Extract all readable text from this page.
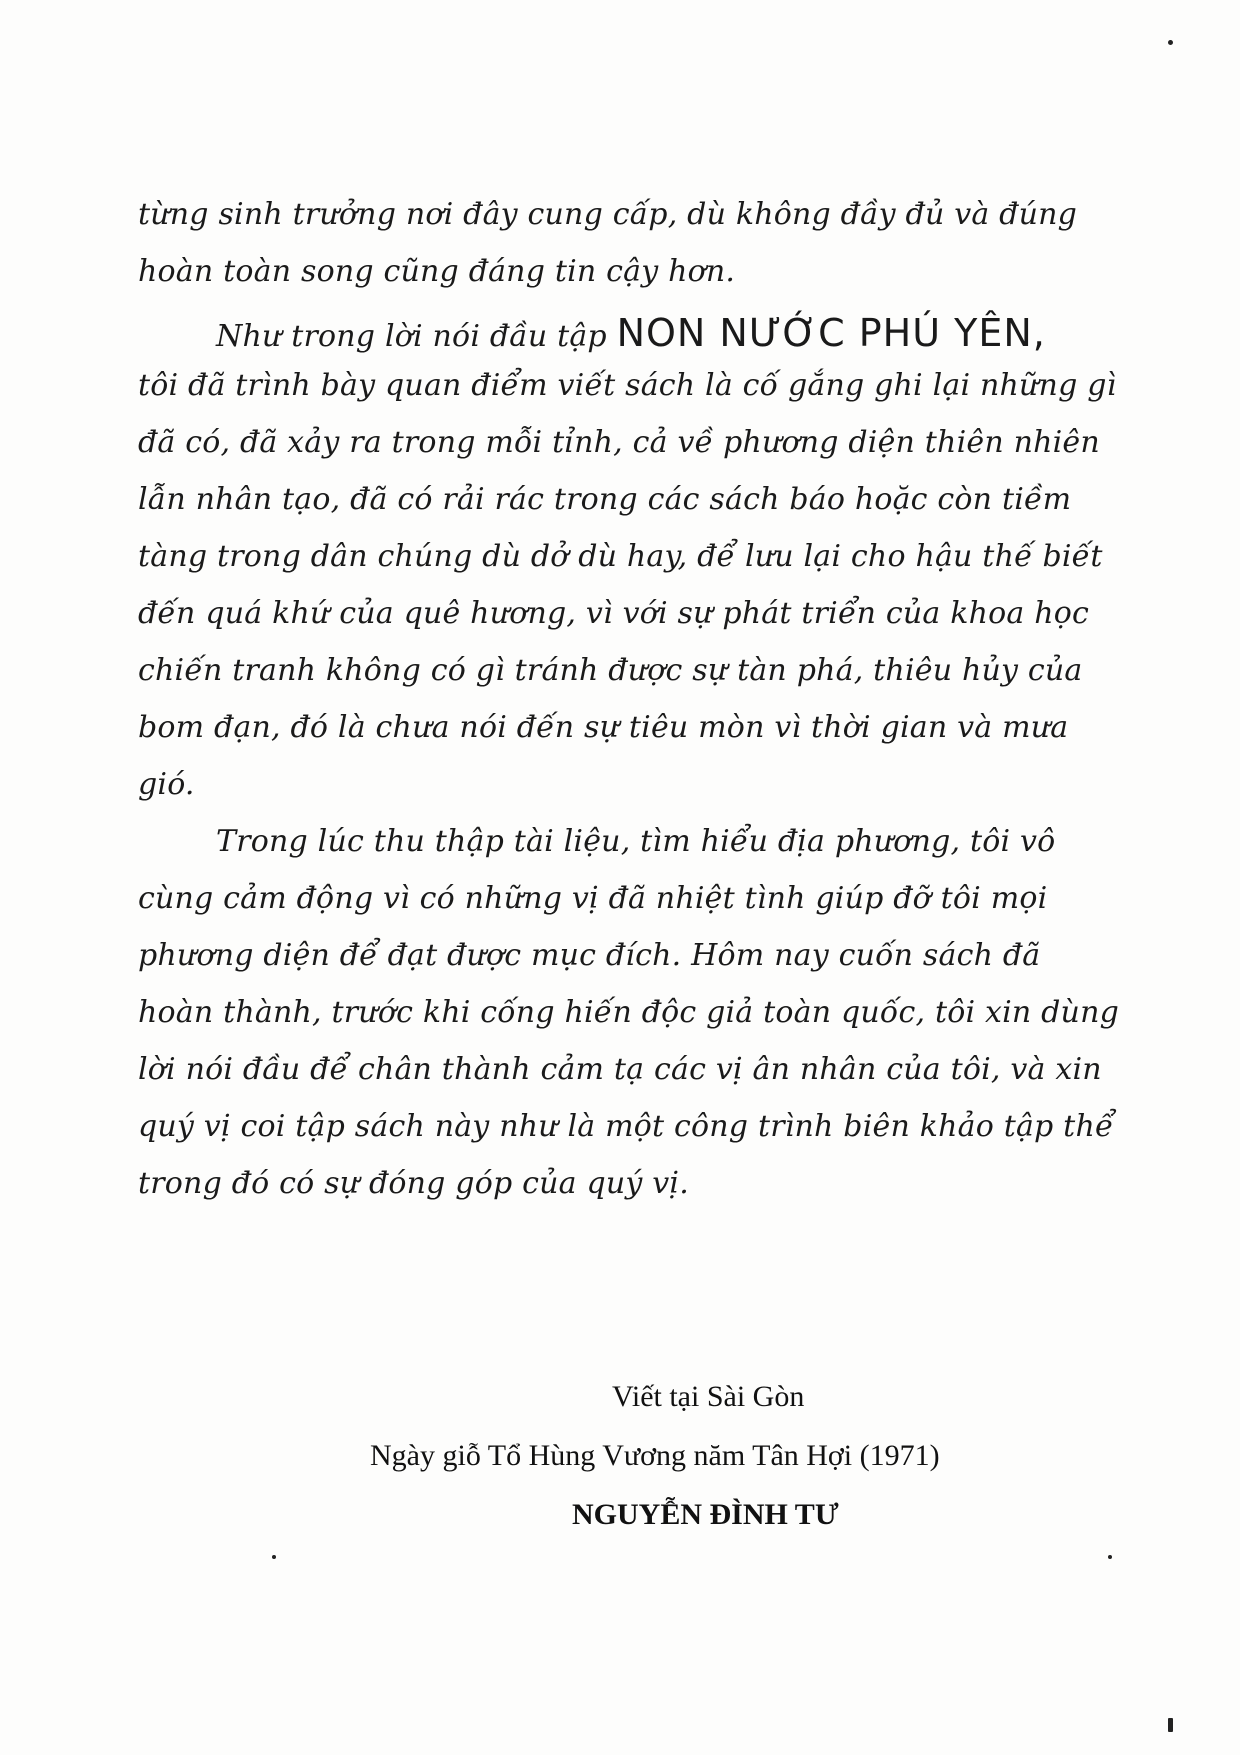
từng sinh trưởng nơi đây cung cấp, dù không đầy đủ và đúng
hoàn toàn song cũng đáng tin cậy hơn.
Như trong lời nói đầu tập NON NƯỚC PHÚ YÊN,
tôi đã trình bày quan điểm viết sách là cố gắng ghi lại những gì
đã có, đã xảy ra trong mỗi tỉnh, cả về phương diện thiên nhiên
lẫn nhân tạo, đã có rải rác trong các sách báo hoặc còn tiềm
tàng trong dân chúng dù dở dù hay, để lưu lại cho hậu thế biết
đến quá khứ của quê hương, vì với sự phát triển của khoa học
chiến tranh không có gì tránh được sự tàn phá, thiêu hủy của
bom đạn, đó là chưa nói đến sự tiêu mòn vì thời gian và mưa
gió.
Trong lúc thu thập tài liệu, tìm hiểu địa phương, tôi vô
cùng cảm động vì có những vị đã nhiệt tình giúp đỡ tôi mọi
phương diện để đạt được mục đích. Hôm nay cuốn sách đã
hoàn thành, trước khi cống hiến độc giả toàn quốc, tôi xin dùng
lời nói đầu để chân thành cảm tạ các vị ân nhân của tôi, và xin
quý vị coi tập sách này như là một công trình biên khảo tập thể
trong đó có sự đóng góp của quý vị.
Viết tại Sài Gòn
Ngày giỗ Tổ Hùng Vương năm Tân Hợi (1971)
NGUYỄN ĐÌNH TƯ
